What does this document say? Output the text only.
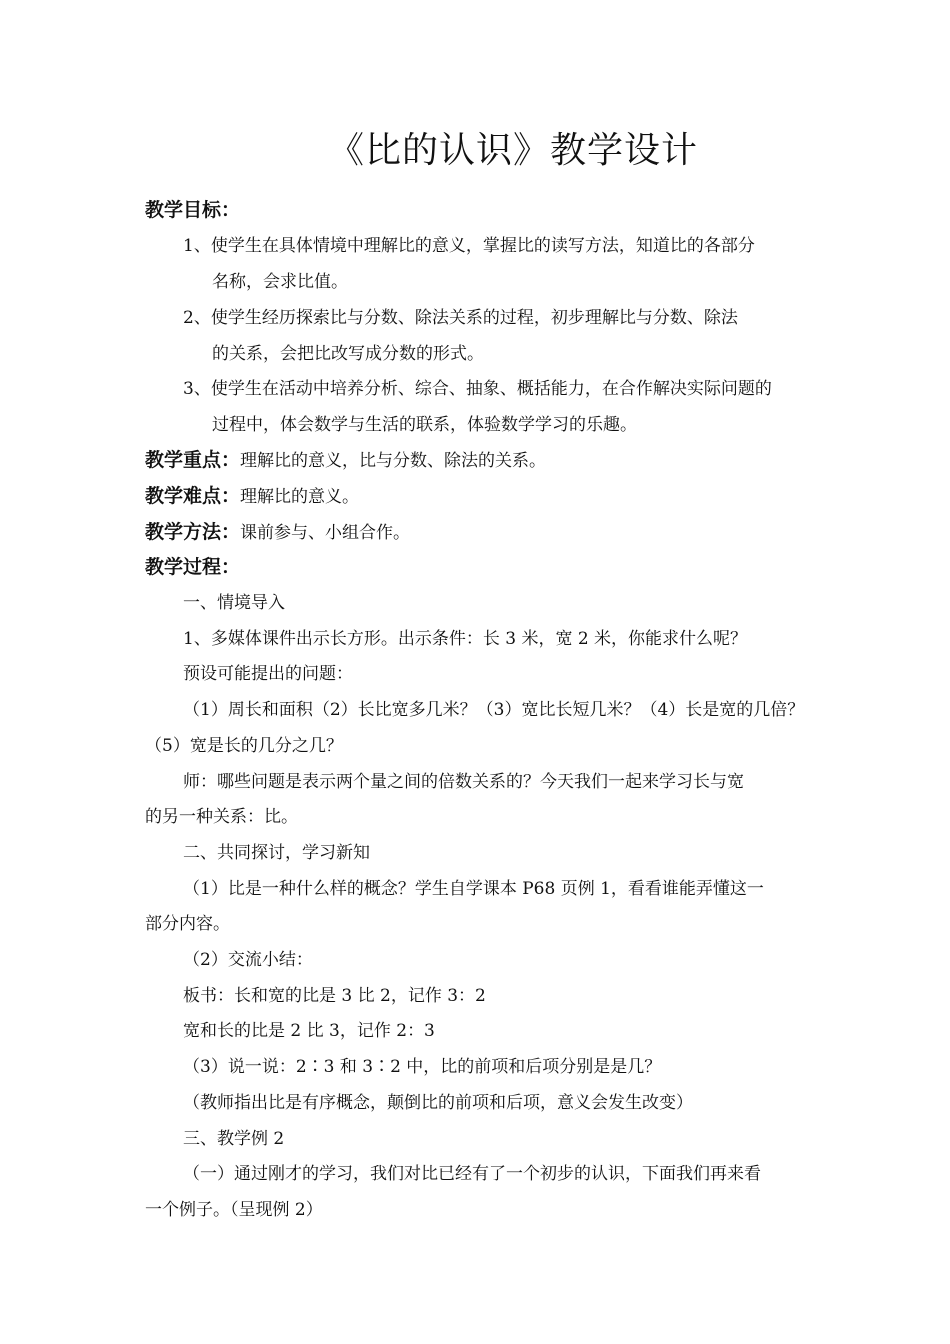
《比的认识》教学设计
教学目标：
1、使学生在具体情境中理解比的意义，掌握比的读写方法，知道比的各部分
名称，会求比值。
2、使学生经历探索比与分数、除法关系的过程，初步理解比与分数、除法
的关系，会把比改写成分数的形式。
3、使学生在活动中培养分析、综合、抽象、概括能力，在合作解决实际问题的
过程中，体会数学与生活的联系，体验数学学习的乐趣。
教学重点：理解比的意义，比与分数、除法的关系。
教学难点：理解比的意义。
教学方法：课前参与、小组合作。
教学过程：
一、情境导入
1、多媒体课件出示长方形。出示条件：长 3 米，宽 2 米，你能求什么呢？
预设可能提出的问题：
（1）周长和面积（2）长比宽多几米？（3）宽比长短几米？（4）长是宽的几倍？
（5）宽是长的几分之几？
师：哪些问题是表示两个量之间的倍数关系的？今天我们一起来学习长与宽
的另一种关系：比。
二、共同探讨，学习新知
（1）比是一种什么样的概念？学生自学课本 P68 页例 1，看看谁能弄懂这一
部分内容。
（2）交流小结：
板书：长和宽的比是 3 比 2，记作 3：2
宽和长的比是 2 比 3，记作 2：3
（3）说一说：2∶3 和 3∶2 中，比的前项和后项分别是是几？
（教师指出比是有序概念，颠倒比的前项和后项，意义会发生改变）
三、教学例 2
（一）通过刚才的学习，我们对比已经有了一个初步的认识，下面我们再来看
一个例子。（呈现例 2）
